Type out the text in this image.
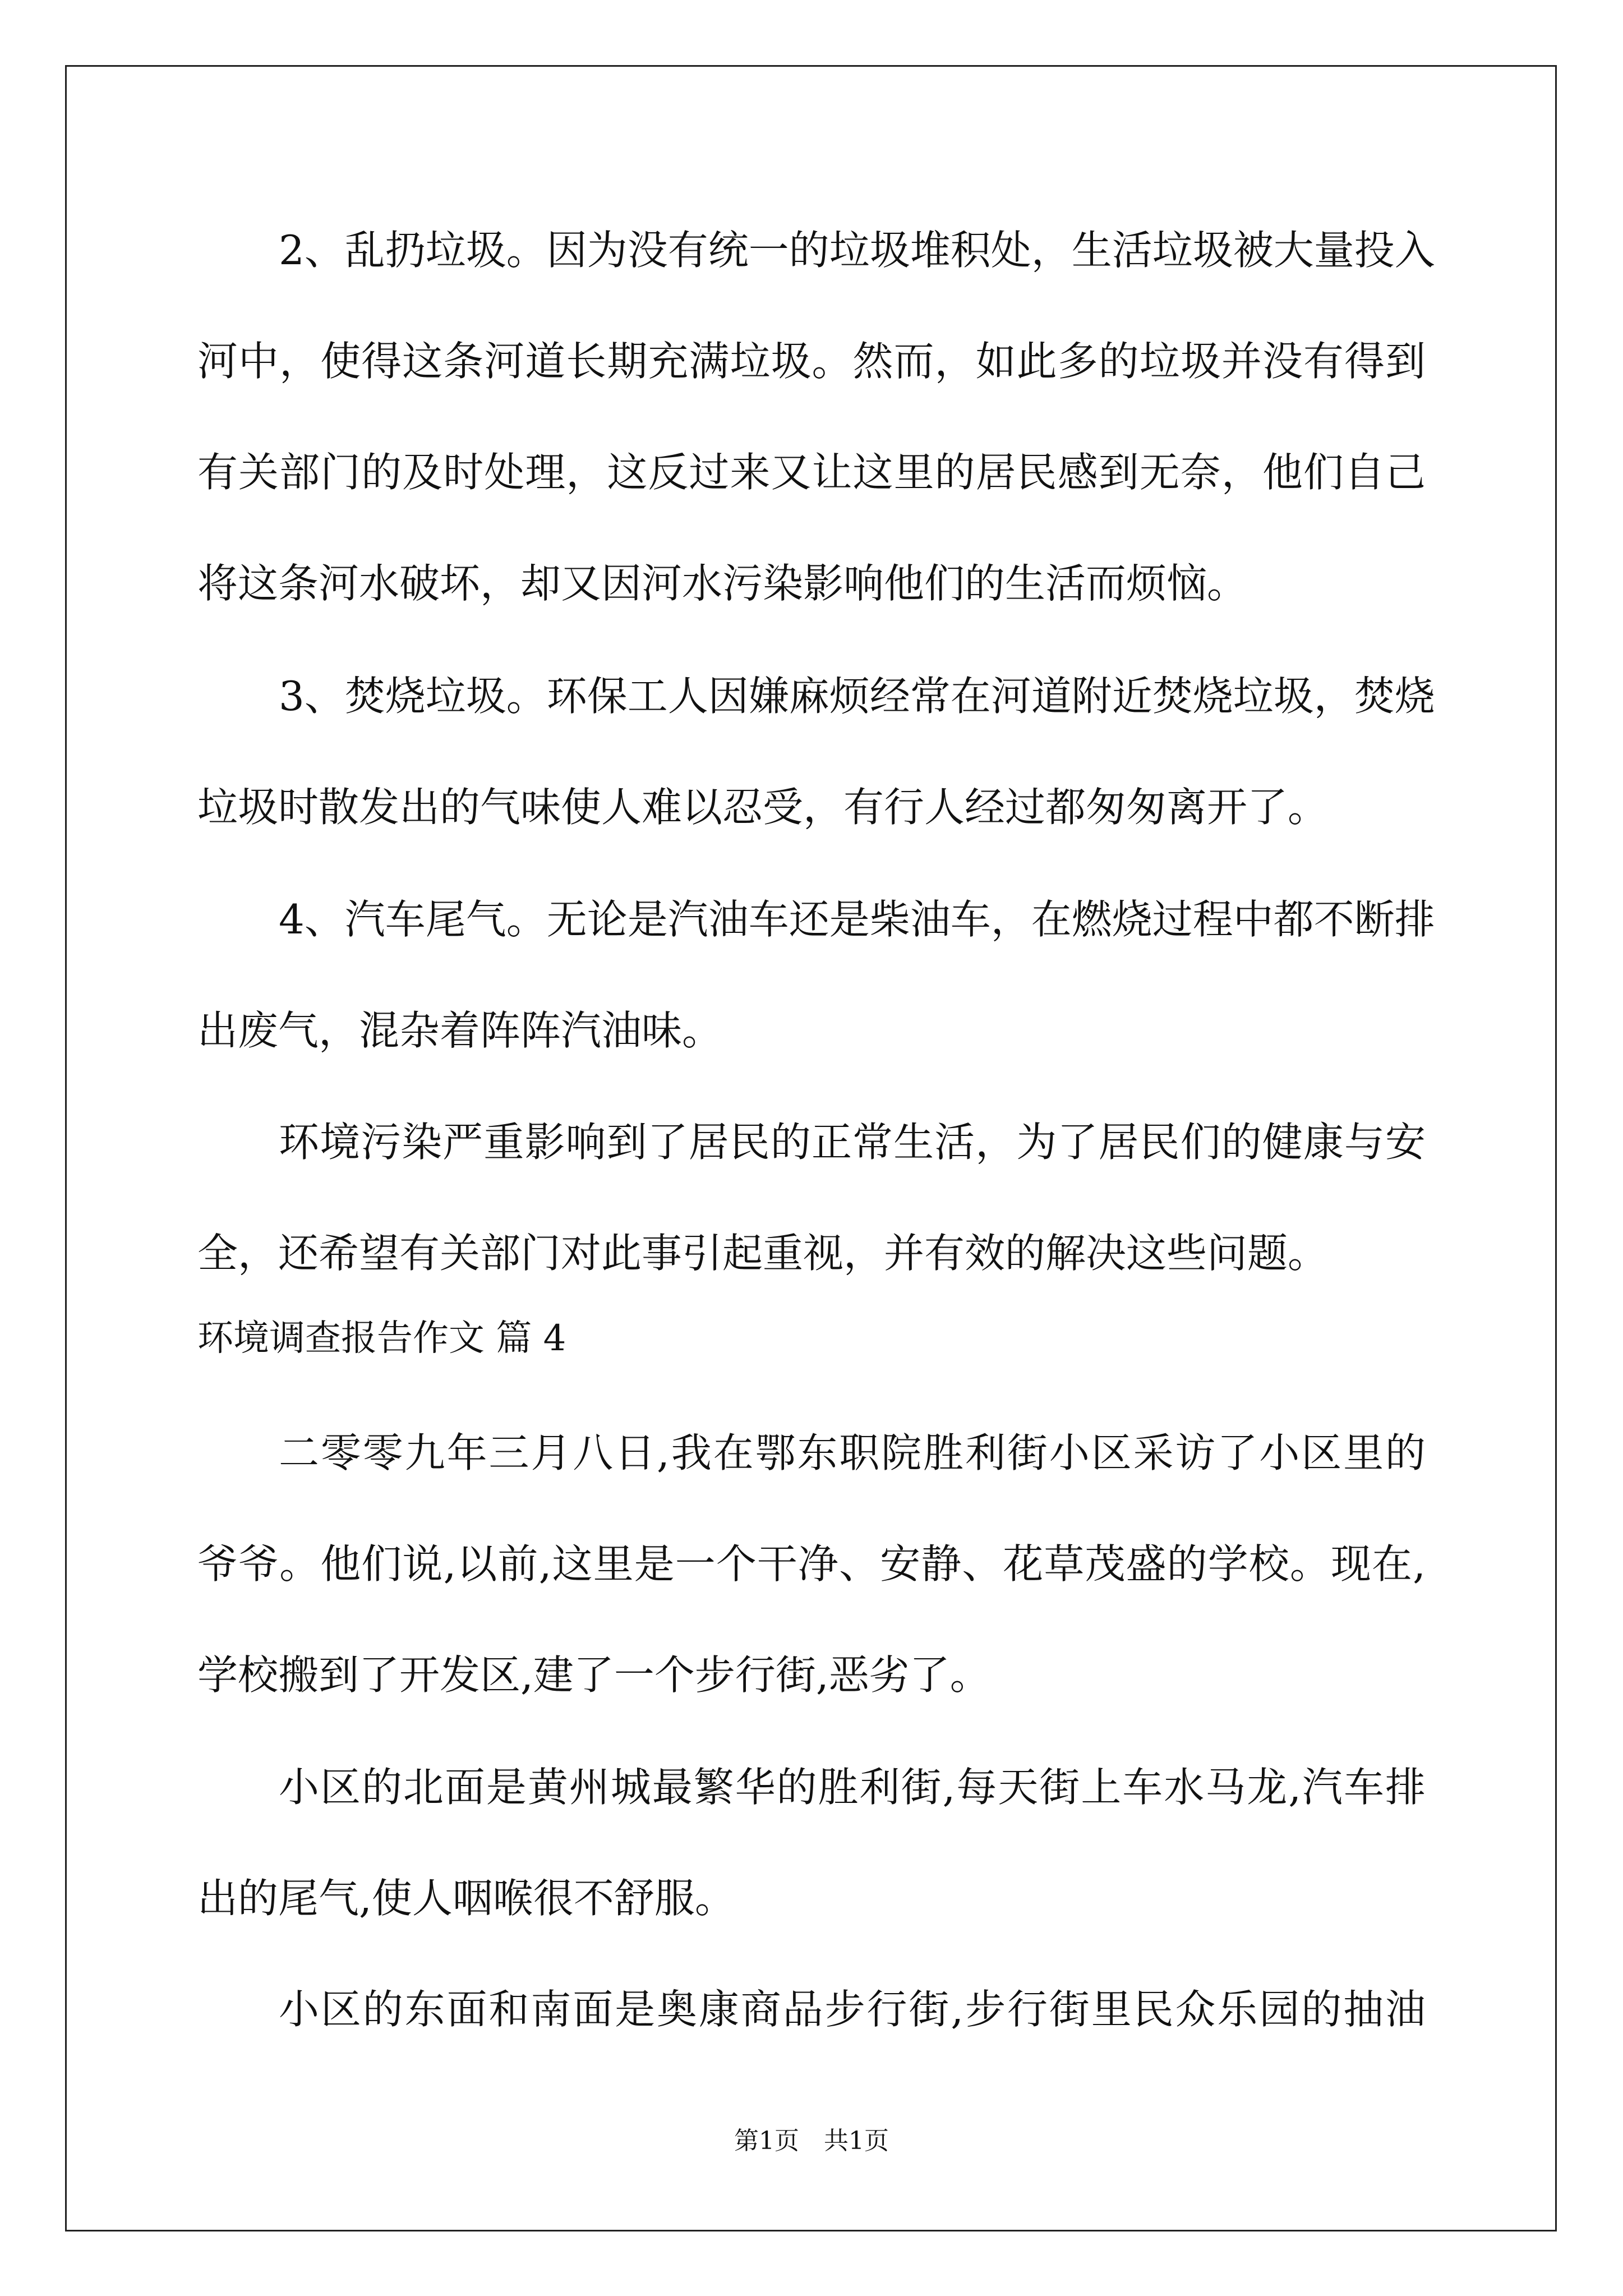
2、乱扔垃圾。因为没有统一的垃圾堆积处，生活垃圾被大量投入
河中，使得这条河道长期充满垃圾。然而，如此多的垃圾并没有得到
有关部门的及时处理，这反过来又让这里的居民感到无奈，他们自己
将这条河水破坏，却又因河水污染影响他们的生活而烦恼。
3、焚烧垃圾。环保工人因嫌麻烦经常在河道附近焚烧垃圾，焚烧
垃圾时散发出的气味使人难以忍受，有行人经过都匆匆离开了。
4、汽车尾气。无论是汽油车还是柴油车，在燃烧过程中都不断排
出废气，混杂着阵阵汽油味。
环境污染严重影响到了居民的正常生活，为了居民们的健康与安
全，还希望有关部门对此事引起重视，并有效的解决这些问题。
环境调查报告作文 篇 4
二零零九年三月八日,我在鄂东职院胜利街小区采访了小区里的
爷爷。他们说,以前,这里是一个干净、安静、花草茂盛的学校。现在,
学校搬到了开发区,建了一个步行街,恶劣了。
小区的北面是黄州城最繁华的胜利街,每天街上车水马龙,汽车排
出的尾气,使人咽喉很不舒服。
小区的东面和南面是奥康商品步行街,步行街里民众乐园的抽油
第1页　共1页
